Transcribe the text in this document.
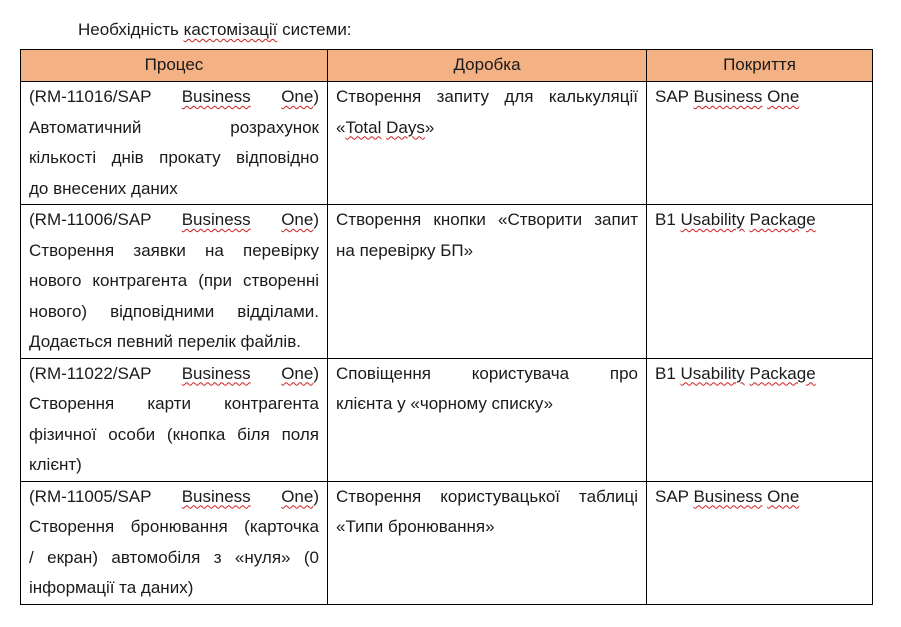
Необхідність кастомізації системи:
Процес	Доробка	Покриття

(RM-11016/SAP Business One)
Автоматичний розрахунок
кількості днів прокату відповідно
до внесених даних	Створення запиту для калькуляції
«Total Days»	SAP Business One

(RM-11006/SAP Business One)
Створення заявки на перевірку
нового контрагента (при створенні
нового) відповідними відділами.
Додається певний перелік файлів.	Створення кнопки «Створити запит
на перевірку БП»	B1 Usability Package

(RM-11022/SAP Business One)
Створення карти контрагента
фізичної особи (кнопка біля поля
клієнт)	Сповіщення користувача про
клієнта у «чорному списку»	B1 Usability Package

(RM-11005/SAP Business One)
Створення бронювання (карточка
/ екран) автомобіля з «нуля» (0
інформації та даних)	Створення користувацької таблиці
«Типи бронювання»	SAP Business One
